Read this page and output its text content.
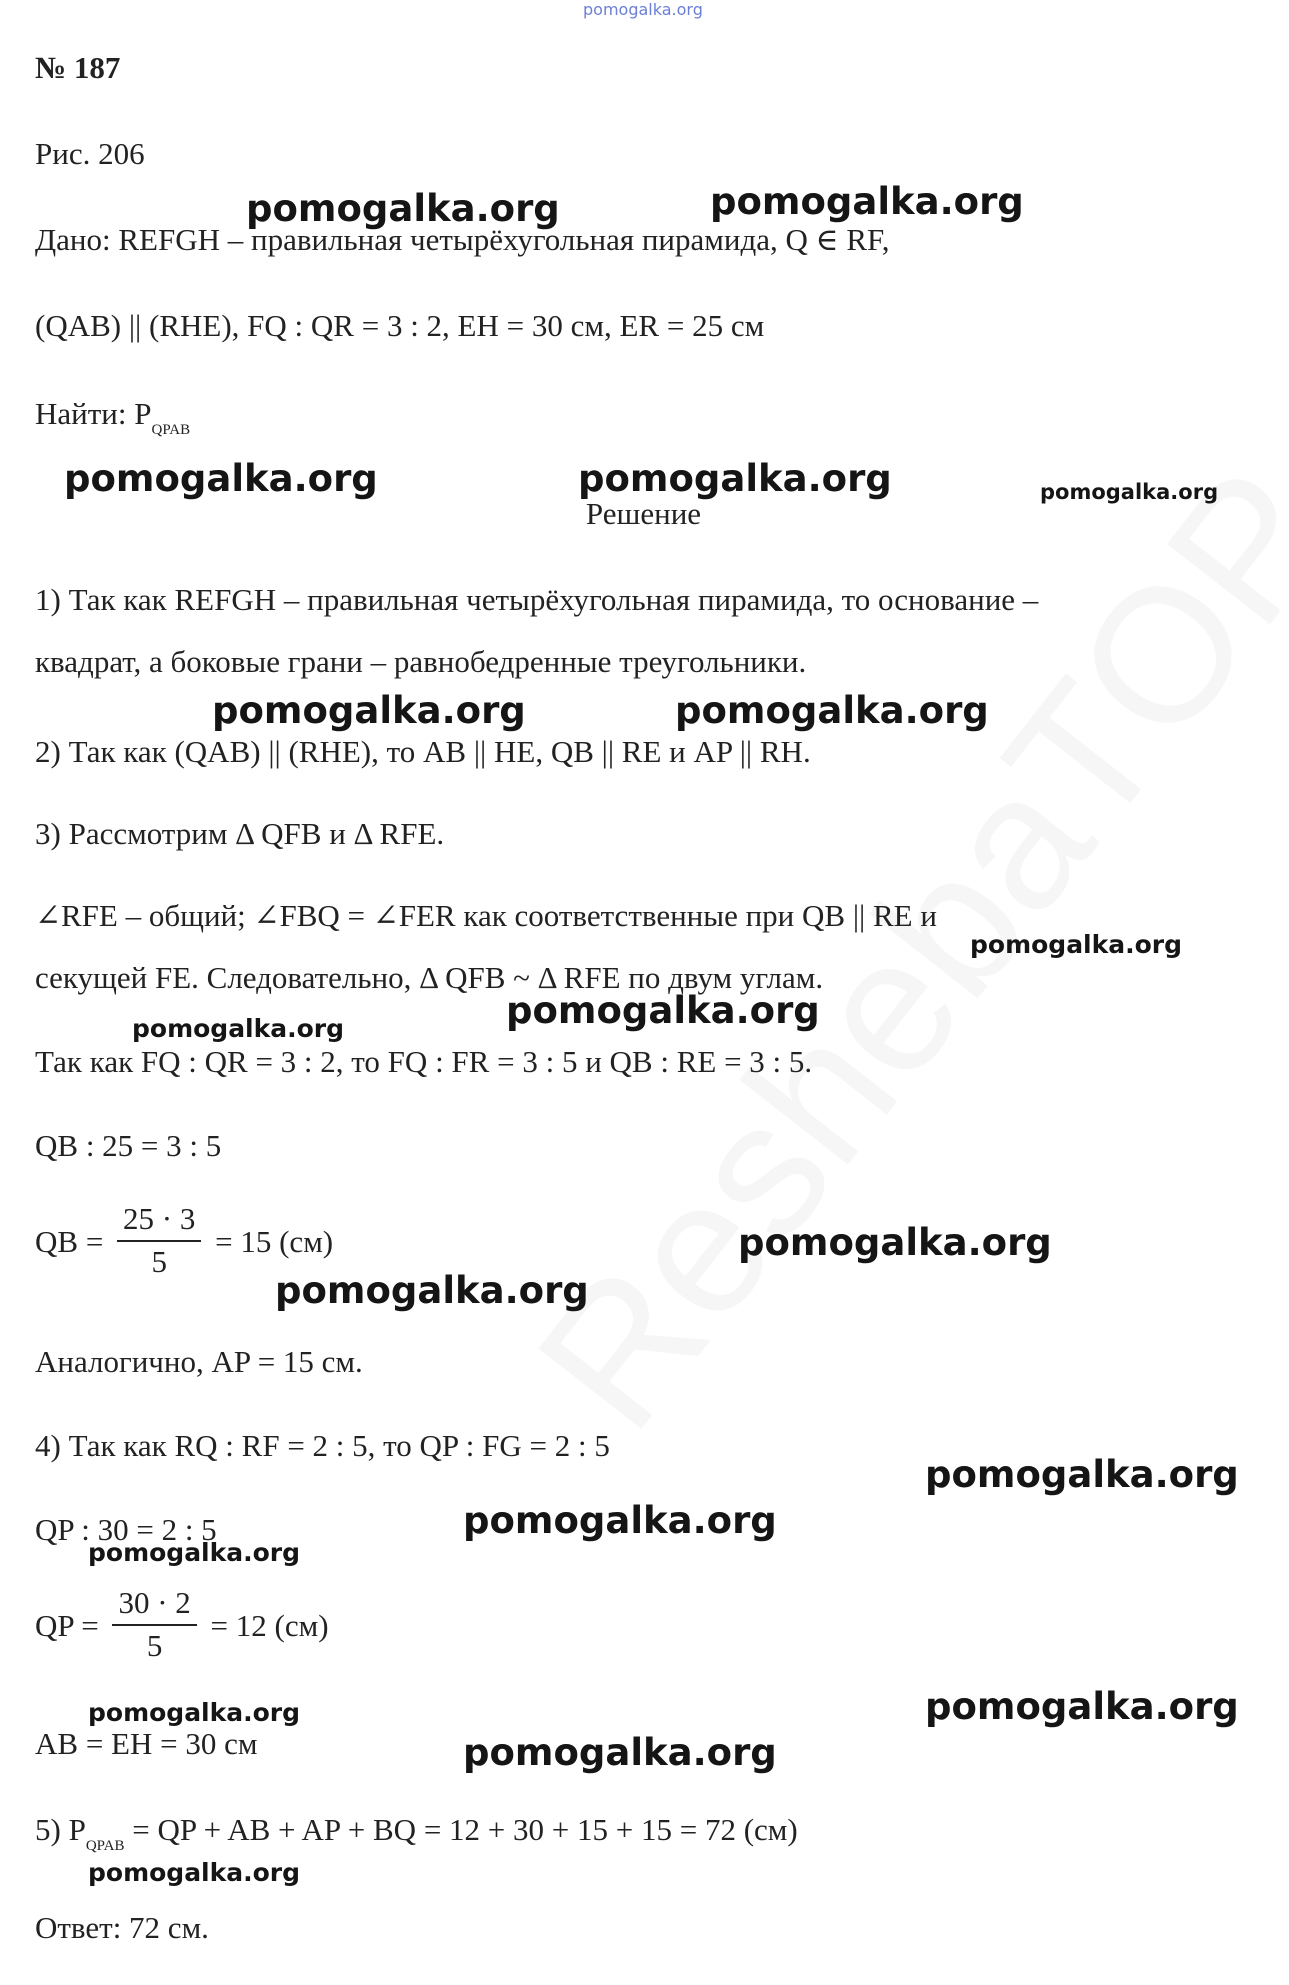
pomogalka.org
№ 187
Рис. 206
Дано: REFGH – правильная четырёхугольная пирамида, Q ∈ RF,
(QAB) || (RHE), FQ : QR = 3 : 2, EH = 30 см, ER = 25 см
Найти: $P_{QPAB}$
Решение
1) Так как REFGH – правильная четырёхугольная пирамида, то основание –
квадрат, а боковые грани – равнобедренные треугольники.
2) Так как (QAB) || (RHE), то AB || HE, QB || RE и AP || RH.
3) Рассмотрим Δ QFB и Δ RFE.
∠RFE – общий; ∠FBQ = ∠FER как соответственные при QB || RE и
секущей FE. Следовательно, Δ QFB ~ Δ RFE по двум углам.
Так как FQ : QR = 3 : 2, то FQ : FR = 3 : 5 и QB : RE = 3 : 5.
QB : 25 = 3 : 5
QB = $\frac{25 \cdot 3}{5} = 15$ (см)
Аналогично, AP = 15 см.
4) Так как RQ : RF = 2 : 5, то QP : FG = 2 : 5
QP : 30 = 2 : 5
QP = $\frac{30 \cdot 2}{5} = 12$ (см)
AB = EH = 30 см
5) $P_{QPAB}$ = QP + AB + AP + BQ = 12 + 30 + 15 + 15 = 72 (см)
Ответ: 72 см.
pomogalka.org	pomogalka.org
pomogalka.org	pomogalka.org	pomogalka.org
pomogalka.org	pomogalka.org
pomogalka.org
pomogalka.org
pomogalka.org
pomogalka.org
pomogalka.org
pomogalka.org
pomogalka.org
pomogalka.org
pomogalka.org	pomogalka.org
pomogalka.org
pomogalka.org
